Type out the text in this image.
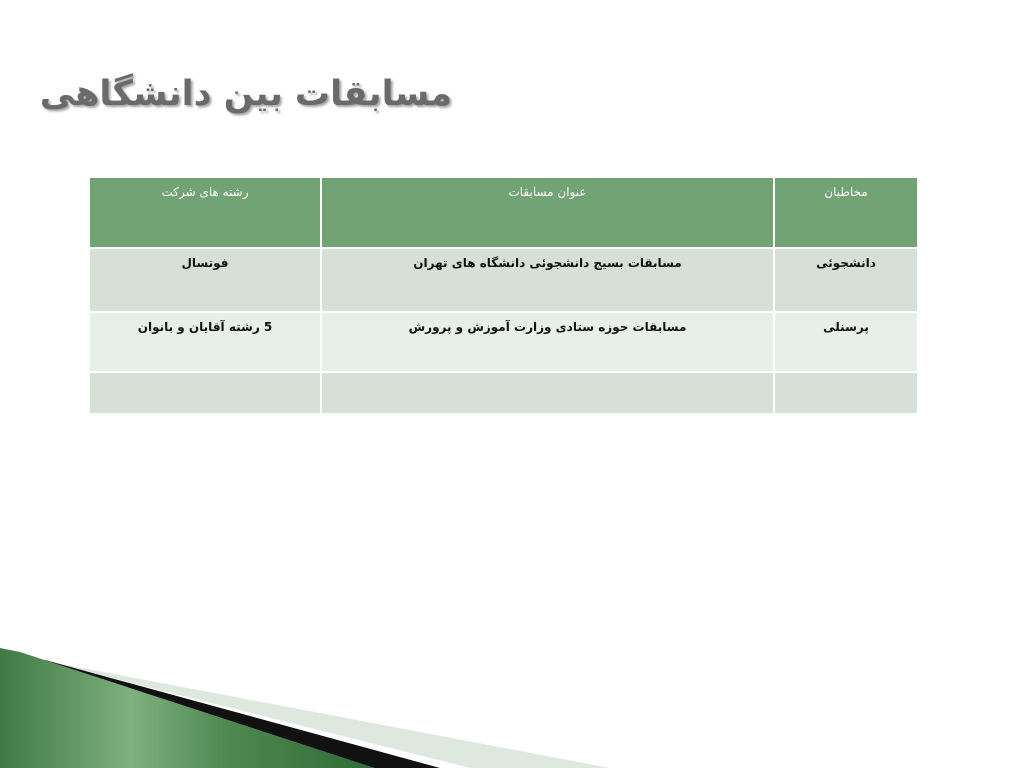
مسابقات بین دانشگاهی
مخاطبان	عنوان مسابقات	رشته های شرکت
دانشجوئی	مسابقات بسیج دانشجوئی دانشگاه های تهران	فوتسال
پرسنلی	مسابقات حوزه ستادی وزارت آموزش و پرورش	5 رشته آقایان و بانوان
